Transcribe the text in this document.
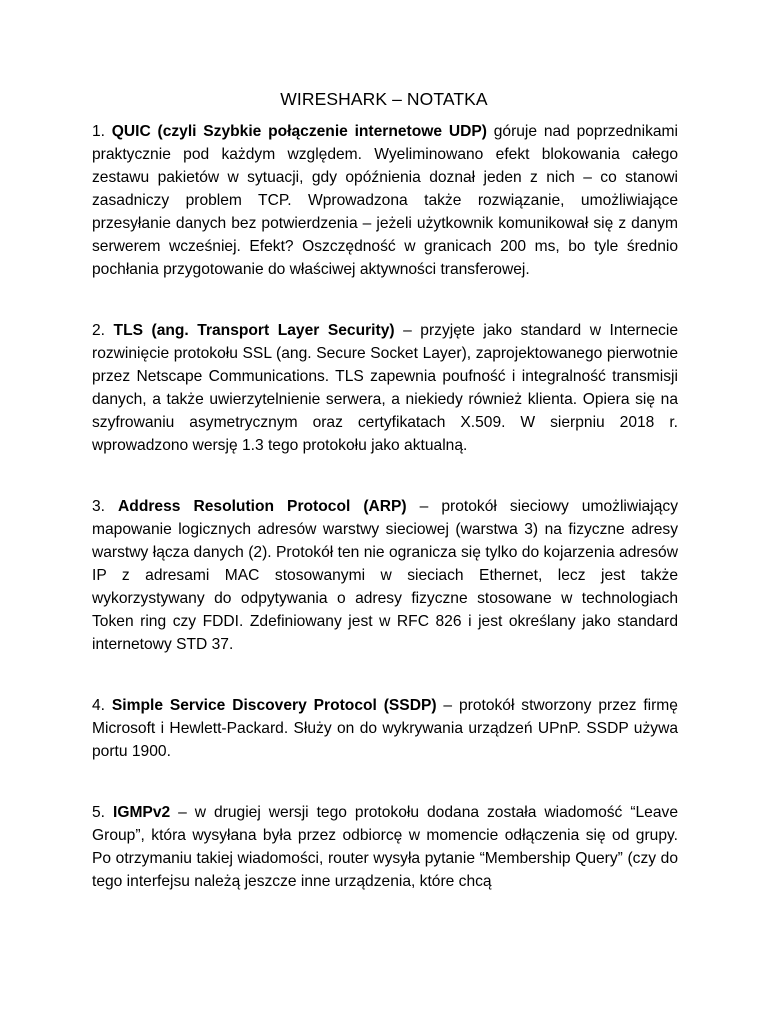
WIRESHARK – NOTATKA

1. QUIC (czyli Szybkie połączenie internetowe UDP) góruje nad poprzednikami praktycznie pod każdym względem. Wyeliminowano efekt blokowania całego zestawu pakietów w sytuacji, gdy opóźnienia doznał jeden z nich – co stanowi zasadniczy problem TCP. Wprowadzona także rozwiązanie, umożliwiające przesyłanie danych bez potwierdzenia – jeżeli użytkownik komunikował się z danym serwerem wcześniej. Efekt? Oszczędność w granicach 200 ms, bo tyle średnio pochłania przygotowanie do właściwej aktywności transferowej.

2. TLS (ang. Transport Layer Security) – przyjęte jako standard w Internecie rozwinięcie protokołu SSL (ang. Secure Socket Layer), zaprojektowanego pierwotnie przez Netscape Communications. TLS zapewnia poufność i integralność transmisji danych, a także uwierzytelnienie serwera, a niekiedy również klienta. Opiera się na szyfrowaniu asymetrycznym oraz certyfikatach X.509. W sierpniu 2018 r. wprowadzono wersję 1.3 tego protokołu jako aktualną.

3. Address Resolution Protocol (ARP) – protokół sieciowy umożliwiający mapowanie logicznych adresów warstwy sieciowej (warstwa 3) na fizyczne adresy warstwy łącza danych (2). Protokół ten nie ogranicza się tylko do kojarzenia adresów IP z adresami MAC stosowanymi w sieciach Ethernet, lecz jest także wykorzystywany do odpytywania o adresy fizyczne stosowane w technologiach Token ring czy FDDI. Zdefiniowany jest w RFC 826 i jest określany jako standard internetowy STD 37.

4. Simple Service Discovery Protocol (SSDP) – protokół stworzony przez firmę Microsoft i Hewlett-Packard. Służy on do wykrywania urządzeń UPnP. SSDP używa portu 1900.

5. IGMPv2 – w drugiej wersji tego protokołu dodana została wiadomość “Leave Group”, która wysyłana była przez odbiorcę w momencie odłączenia się od grupy. Po otrzymaniu takiej wiadomości, router wysyła pytanie “Membership Query” (czy do tego interfejsu należą jeszcze inne urządzenia, które chcą
